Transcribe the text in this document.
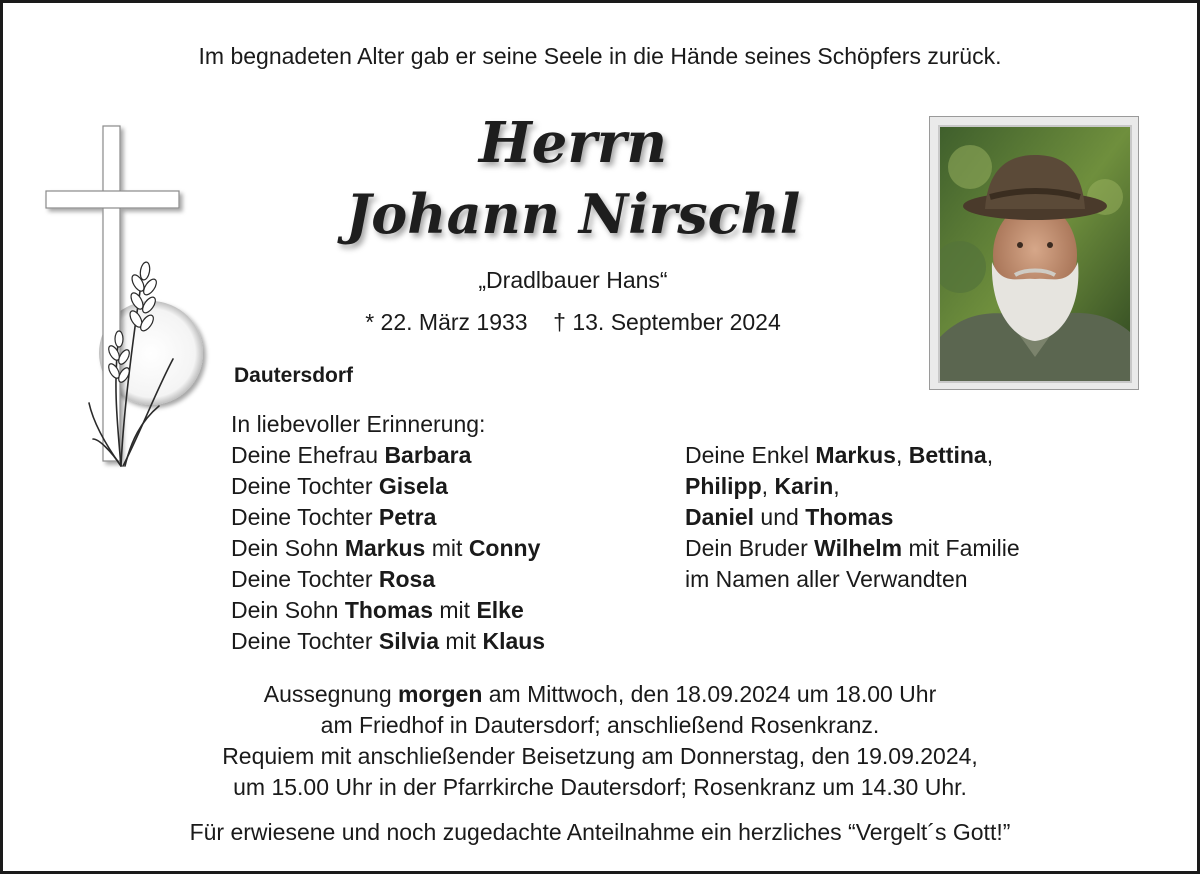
Im begnadeten Alter gab er seine Seele in die Hände seines Schöpfers zurück.
Herrn
Johann Nirschl
„Dradlbauer Hans“
* 22. März 1933    † 13. September 2024
Dautersdorf
In liebevoller Erinnerung:
Deine Ehefrau Barbara
Deine Tochter Gisela
Deine Tochter Petra
Dein Sohn Markus mit Conny
Deine Tochter Rosa
Dein Sohn Thomas mit Elke
Deine Tochter Silvia mit Klaus
Deine Enkel Markus, Bettina,
Philipp, Karin,
Daniel und Thomas
Dein Bruder Wilhelm mit Familie
im Namen aller Verwandten
Aussegnung morgen am Mittwoch, den 18.09.2024 um 18.00 Uhr
am Friedhof in Dautersdorf; anschließend Rosenkranz.
Requiem mit anschließender Beisetzung am Donnerstag, den 19.09.2024,
um 15.00 Uhr in der Pfarrkirche Dautersdorf; Rosenkranz um 14.30 Uhr.
Für erwiesene und noch zugedachte Anteilnahme ein herzliches “Vergelt´s Gott!”
